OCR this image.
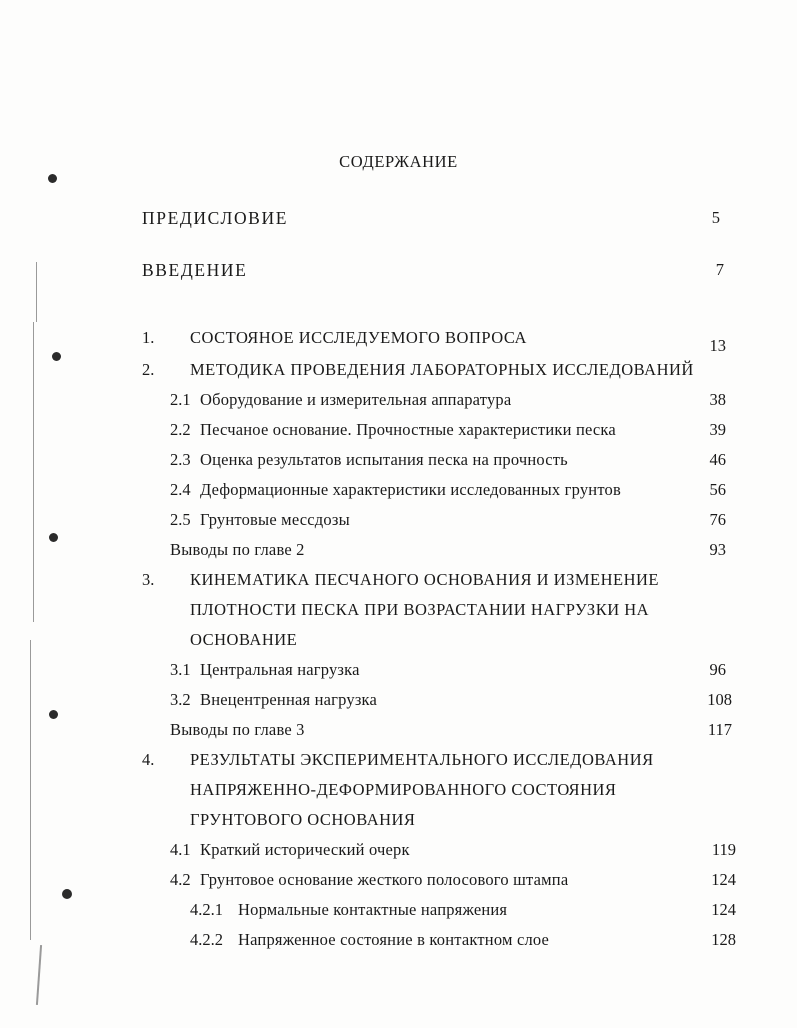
СОДЕРЖАНИЕ
ПРЕДИСЛОВИЕ	5
ВВЕДЕНИЕ	7
1. СОСТОЯНОЕ ИССЛЕДУЕМОГО ВОПРОСА	13
2. МЕТОДИКА ПРОВЕДЕНИЯ ЛАБОРАТОРНЫХ ИССЛЕДОВАНИЙ
2.1 Оборудование и измерительная аппаратура	38
2.2 Песчаное основание. Прочностные характеристики песка	39
2.3 Оценка результатов испытания песка на прочность	46
2.4 Деформационные характеристики исследованных грунтов	56
2.5 Грунтовые мессдозы	76
Выводы по главе 2	93
3. КИНЕМАТИКА ПЕСЧАНОГО ОСНОВАНИЯ И ИЗМЕНЕНИЕ
ПЛОТНОСТИ ПЕСКА ПРИ ВОЗРАСТАНИИ НАГРУЗКИ НА
ОСНОВАНИЕ
3.1 Центральная нагрузка	96
3.2 Внецентренная нагрузка	108
Выводы по главе 3	117
4. РЕЗУЛЬТАТЫ ЭКСПЕРИМЕНТАЛЬНОГО ИССЛЕДОВАНИЯ
НАПРЯЖЕННО-ДЕФОРМИРОВАННОГО СОСТОЯНИЯ
ГРУНТОВОГО ОСНОВАНИЯ
4.1 Краткий исторический очерк	119
4.2 Грунтовое основание жесткого полосового штампа	124
4.2.1 Нормальные контактные напряжения	124
4.2.2 Напряженное состояние в контактном слое	128
